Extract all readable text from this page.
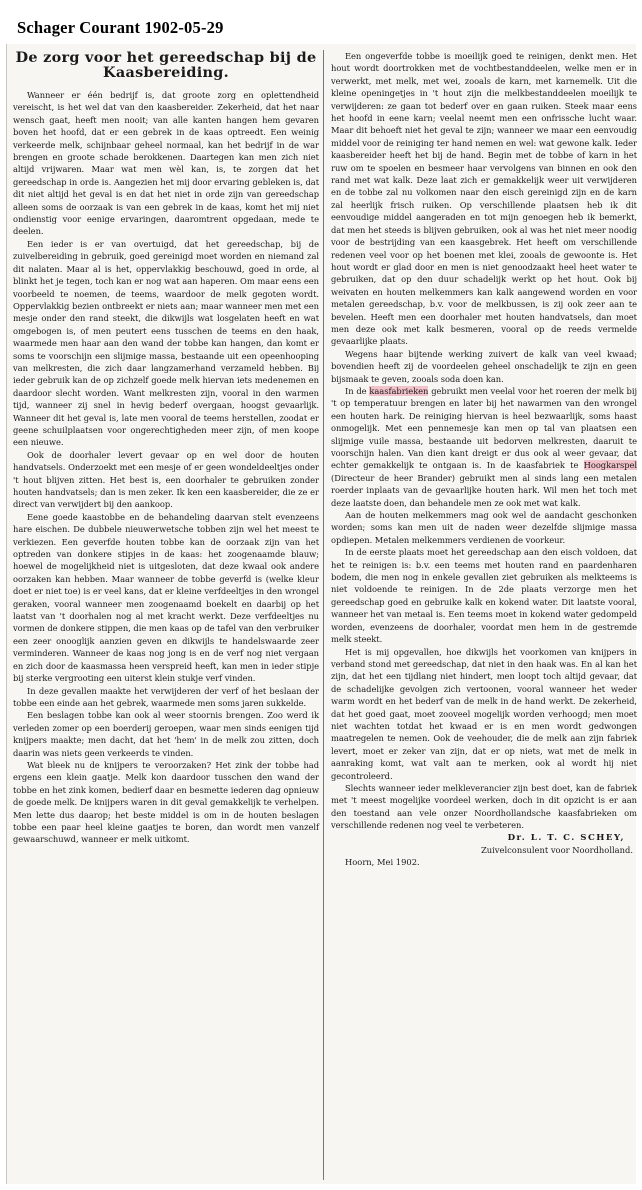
Schager Courant 1902-05-29
De zorg voor het gereedschap bij de Kaasbereiding.

Wanneer er één bedrijf is, dat groote zorg en oplettendheid vereischt, is het wel dat van den kaasbereider. Zekerheid, dat het naar wensch gaat, heeft men nooit; van alle kanten hangen hem gevaren boven het hoofd, dat er een gebrek in de kaas optreedt. Een weinig verkeerde melk, schijnbaar geheel normaal, kan het bedrijf in de war brengen en groote schade berokkenen. Daartegen kan men zich niet altijd vrijwaren. Maar wat men wèl kan, is, te zorgen dat het gereedschap in orde is. Aangezien het mij door ervaring gebleken is, dat dit niet altijd het geval is en dat het niet in orde zijn van gereedschap alleen soms de oorzaak is van een gebrek in de kaas, komt het mij niet ondienstig voor eenige ervaringen, daaromtrent opgedaan, mede te deelen.

Een ieder is er van overtuigd, dat het gereedschap, bij de zuivelbereiding in gebruik, goed gereinigd moet worden en niemand zal dit nalaten. Maar al is het, oppervlakkig beschouwd, goed in orde, al blinkt het je tegen, toch kan er nog wat aan haperen. Om maar eens een voorbeeld te noemen, de teems, waardoor de melk gegoten wordt. Oppervlakkig bezien ontbreekt er niets aan; maar wanneer men met een mesje onder den rand steekt, die dikwijls wat losgelaten heeft en wat omgebogen is, of men peutert eens tusschen de teems en den haak, waarmede men haar aan den wand der tobbe kan hangen, dan komt er soms te voorschijn een slijmige massa, bestaande uit een opeenhooping van melkresten, die zich daar langzamerhand verzameld hebben. Bij ieder gebruik kan de op zichzelf goede melk hiervan iets medenemen en daardoor slecht worden. Want melkresten zijn, vooral in den warmen tijd, wanneer zij snel in hevig bederf overgaan, hoogst gevaarlijk. Wanneer dit het geval is, late men vooral de teems herstellen, zoodat er geene schuilplaatsen voor ongerechtigheden meer zijn, of men koope een nieuwe.

Ook de doorhaler levert gevaar op en wel door de houten handvatsels. Onderzoekt met een mesje of er geen wondeldeeltjes onder 't hout blijven zitten. Het best is, een doorhaler te gebruiken zonder houten handvatsels; dan is men zeker. Ik ken een kaasbereider, die ze er direct van verwijdert bij den aankoop.

Eene goede kaastobbe en de behandeling daarvan stelt evenzeens hare eischen. De dubbele nieuwerwetsche tobben zijn wel het meest te verkiezen. Een geverfde houten tobbe kan de oorzaak zijn van het optreden van donkere stipjes in de kaas: het zoogenaamde blauw; hoewel de mogelijkheid niet is uitgesloten, dat deze kwaal ook andere oorzaken kan hebben. Maar wanneer de tobbe geverfd is (welke kleur doet er niet toe) is er veel kans, dat er kleine verfdeeltjes in den wrongel geraken, vooral wanneer men zoogenaamd boekelt en daarbij op het laatst van 't doorhalen nog al met kracht werkt. Deze verfdeeltjes nu vormen de donkere stippen, die men kaas op de tafel van den verbruiker een zeer onooglijk aanzien geven en dikwijls te handelswaarde zeer verminderen. Wanneer de kaas nog jong is en de verf nog niet vergaan en zich door de kaasmassa heen verspreid heeft, kan men in ieder stipje bij sterke vergrooting een uiterst klein stukje verf vinden.

In deze gevallen maakte het verwijderen der verf of het beslaan der tobbe een einde aan het gebrek, waarmede men soms jaren sukkelde.

Een beslagen tobbe kan ook al weer stoornis brengen. Zoo werd ik verleden zomer op een boerderij geroepen, waar men sinds eenigen tijd knijpers maakte; men dacht, dat het 'hem' in de melk zou zitten, doch daarin was niets geen verkeerds te vinden.

Wat bleek nu de knijpers te veroorzaken? Het zink der tobbe had ergens een klein gaatje. Melk kon daardoor tusschen den wand der tobbe en het zink komen, bedierf daar en besmette iederen dag opnieuw de goede melk. De knijpers waren in dit geval gemakkelijk te verhelpen. Men lette dus daarop; het beste middel is om in de houten beslagen tobbe een paar heel kleine gaatjes te boren, dan wordt men vanzelf gewaarschuwd, wanneer er melk uitkomt.

Een ongeverfde tobbe is moeilijk goed te reinigen, denkt men. Het hout wordt doortrokken met de vochtbestanddeelen, welke men er in verwerkt, met melk, met wei, zooals de karn, met karnemelk. Uit die kleine openingetjes in 't hout zijn die melkbestanddeelen moeilijk te verwijderen: ze gaan tot bederf over en gaan ruiken. Steek maar eens het hoofd in eene karn; veelal neemt men een onfrissche lucht waar. Maar dit behoeft niet het geval te zijn; wanneer we maar een eenvoudig middel voor de reiniging ter hand nemen en wel: wat gewone kalk. Ieder kaasbereider heeft het bij de hand. Begin met de tobbe of karn in het ruw om te spoelen en besmeer haar vervolgens van binnen en ook den rand met wat kalk. Deze laat zich er gemakkelijk weer uit verwijderen en de tobbe zal nu volkomen naar den eisch gereinigd zijn en de karn zal heerlijk frisch ruiken. Op verschillende plaatsen heb ik dit eenvoudige middel aangeraden en tot mijn genoegen heb ik bemerkt, dat men het steeds is blijven gebruiken, ook al was het niet meer noodig voor de bestrijding van een kaasgebrek. Het heeft om verschillende redenen veel voor op het boenen met klei, zooals de gewoonte is. Het hout wordt er glad door en men is niet genoodzaakt heel heet water te gebruiken, dat op den duur schadelijk werkt op het hout. Ook bij weivaten en houten melkemmers kan kalk aangewend worden en voor metalen gereedschap, b.v. voor de melkbussen, is zij ook zeer aan te bevelen. Heeft men een doorhaler met houten handvatsels, dan moet men deze ook met kalk besmeren, vooral op de reeds vermelde gevaarlijke plaats.

Wegens haar bijtende werking zuivert de kalk van veel kwaad; bovendien heeft zij de voordeelen geheel onschadelijk te zijn en geen bijsmaak te geven, zooals soda doen kan.

In de kaasfabrieken gebruikt men veelal voor het roeren der melk bij 't op temperatuur brengen en later bij het nawarmen van den wrongel een houten hark. De reiniging hiervan is heel bezwaarlijk, soms haast onmogelijk. Met een pennemesje kan men op tal van plaatsen een slijmige vuile massa, bestaande uit bedorven melkresten, daaruit te voorschijn halen. Van dien kant dreigt er dus ook al weer gevaar, dat echter gemakkelijk te ontgaan is. In de kaasfabriek te Hoogkarspel (Directeur de heer Brander) gebruikt men al sinds lang een metalen roerder inplaats van de gevaarlijke houten hark. Wil men het toch met deze laatste doen, dan behandele men ze ook met wat kalk.

Aan de houten melkemmers mag ook wel de aandacht geschonken worden; soms kan men uit de naden weer dezelfde slijmige massa opdiepen. Metalen melkemmers verdienen de voorkeur.

In de eerste plaats moet het gereedschap aan den eisch voldoen, dat het te reinigen is: b.v. een teems met houten rand en paardenharen bodem, die men nog in enkele gevallen ziet gebruiken als melkteems is niet voldoende te reinigen. In de 2de plaats verzorge men het gereedschap goed en gebruike kalk en kokend water. Dit laatste vooral, wanneer het van metaal is. Een teems moet in kokend water gedompeld worden, evenzeens de doorhaler, voordat men hem in de gestremde melk steekt.

Het is mij opgevallen, hoe dikwijls het voorkomen van knijpers in verband stond met gereedschap, dat niet in den haak was. En al kan het zijn, dat het een tijdlang niet hindert, men loopt toch altijd gevaar, dat de schadelijke gevolgen zich vertoonen, vooral wanneer het weder warm wordt en het bederf van de melk in de hand werkt. De zekerheid, dat het goed gaat, moet zooveel mogelijk worden verhoogd; men moet niet wachten totdat het kwaad er is en men wordt gedwongen maatregelen te nemen. Ook de veehouder, die de melk aan zijn fabriek levert, moet er zeker van zijn, dat er op niets, wat met de melk in aanraking komt, wat valt aan te merken, ook al wordt hij niet gecontroleerd.

Slechts wanneer ieder melkleverancier zijn best doet, kan de fabriek met 't meest mogelijke voordeel werken, doch in dit opzicht is er aan den toestand aan vele onzer Noordhollandsche kaasfabrieken om verschillende redenen nog veel te verbeteren.

Dr. L. T. C. SCHEY,
Zuivelconsulent voor Noordholland.
Hoorn, Mei 1902.
